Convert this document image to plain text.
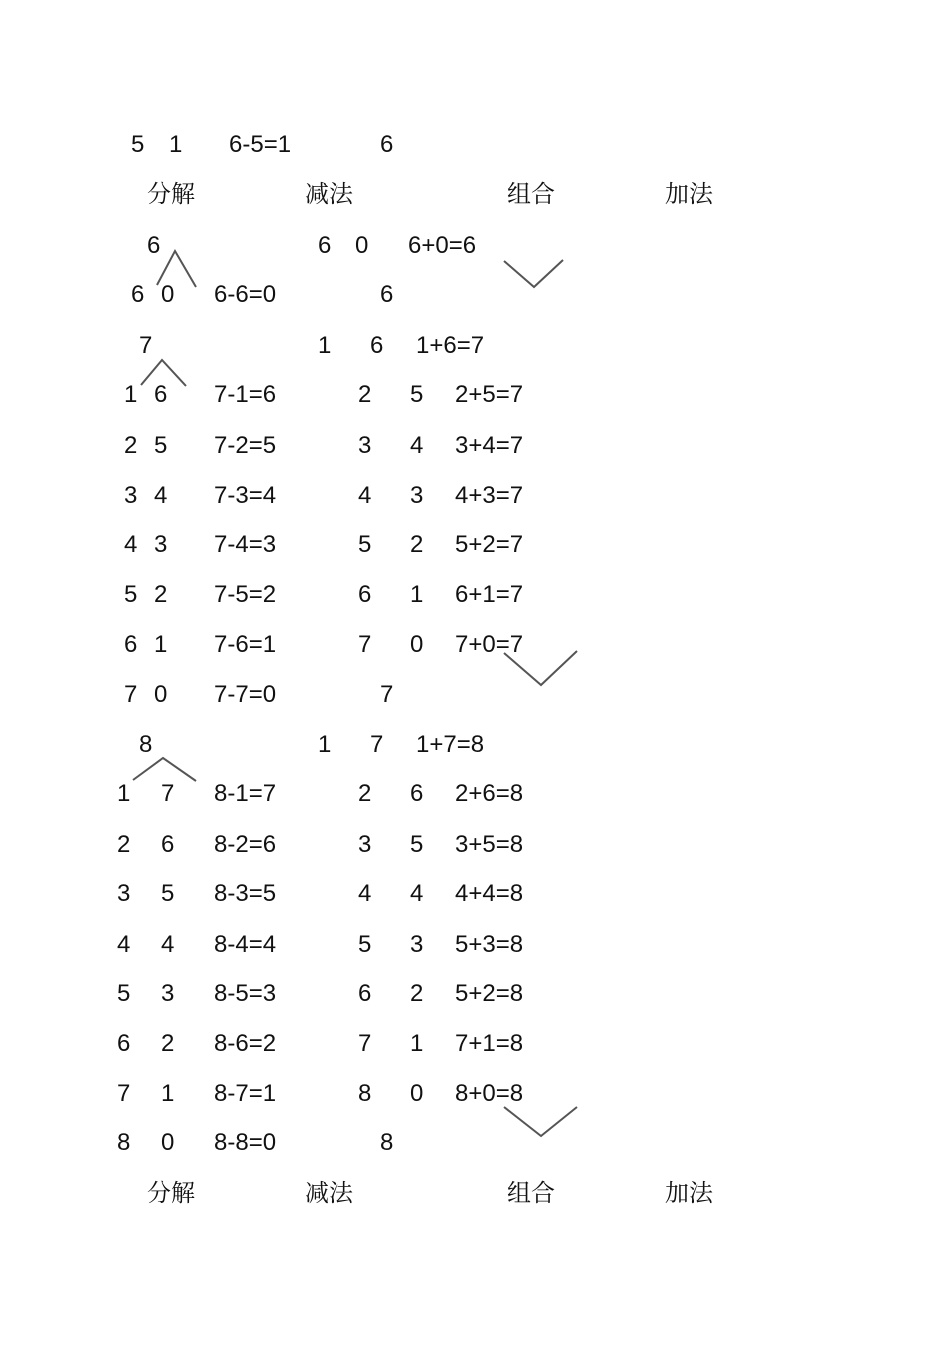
5 1 6-5=1	6
分解	减法	组合	加法
6	6 0 6+0=6
6 0 6-6=0	6
7	1 6 1+6=7
1 6 7-1=6	2 5 2+5=7
2 5 7-2=5	3 4 3+4=7
3 4 7-3=4	4 3 4+3=7
4 3 7-4=3	5 2 5+2=7
5 2 7-5=2	6 1 6+1=7
6 1 7-6=1	7 0 7+0=7
7 0 7-7=0	7
8	1 7 1+7=8
1 7 8-1=7	2 6 2+6=8
2 6 8-2=6	3 5 3+5=8
3 5 8-3=5	4 4 4+4=8
4 4 8-4=4	5 3 5+3=8
5 3 8-5=3	6 2 5+2=8
6 2 8-6=2	7 1 7+1=8
7 1 8-7=1	8 0 8+0=8
8 0 8-8=0	8
分解	减法	组合	加法
